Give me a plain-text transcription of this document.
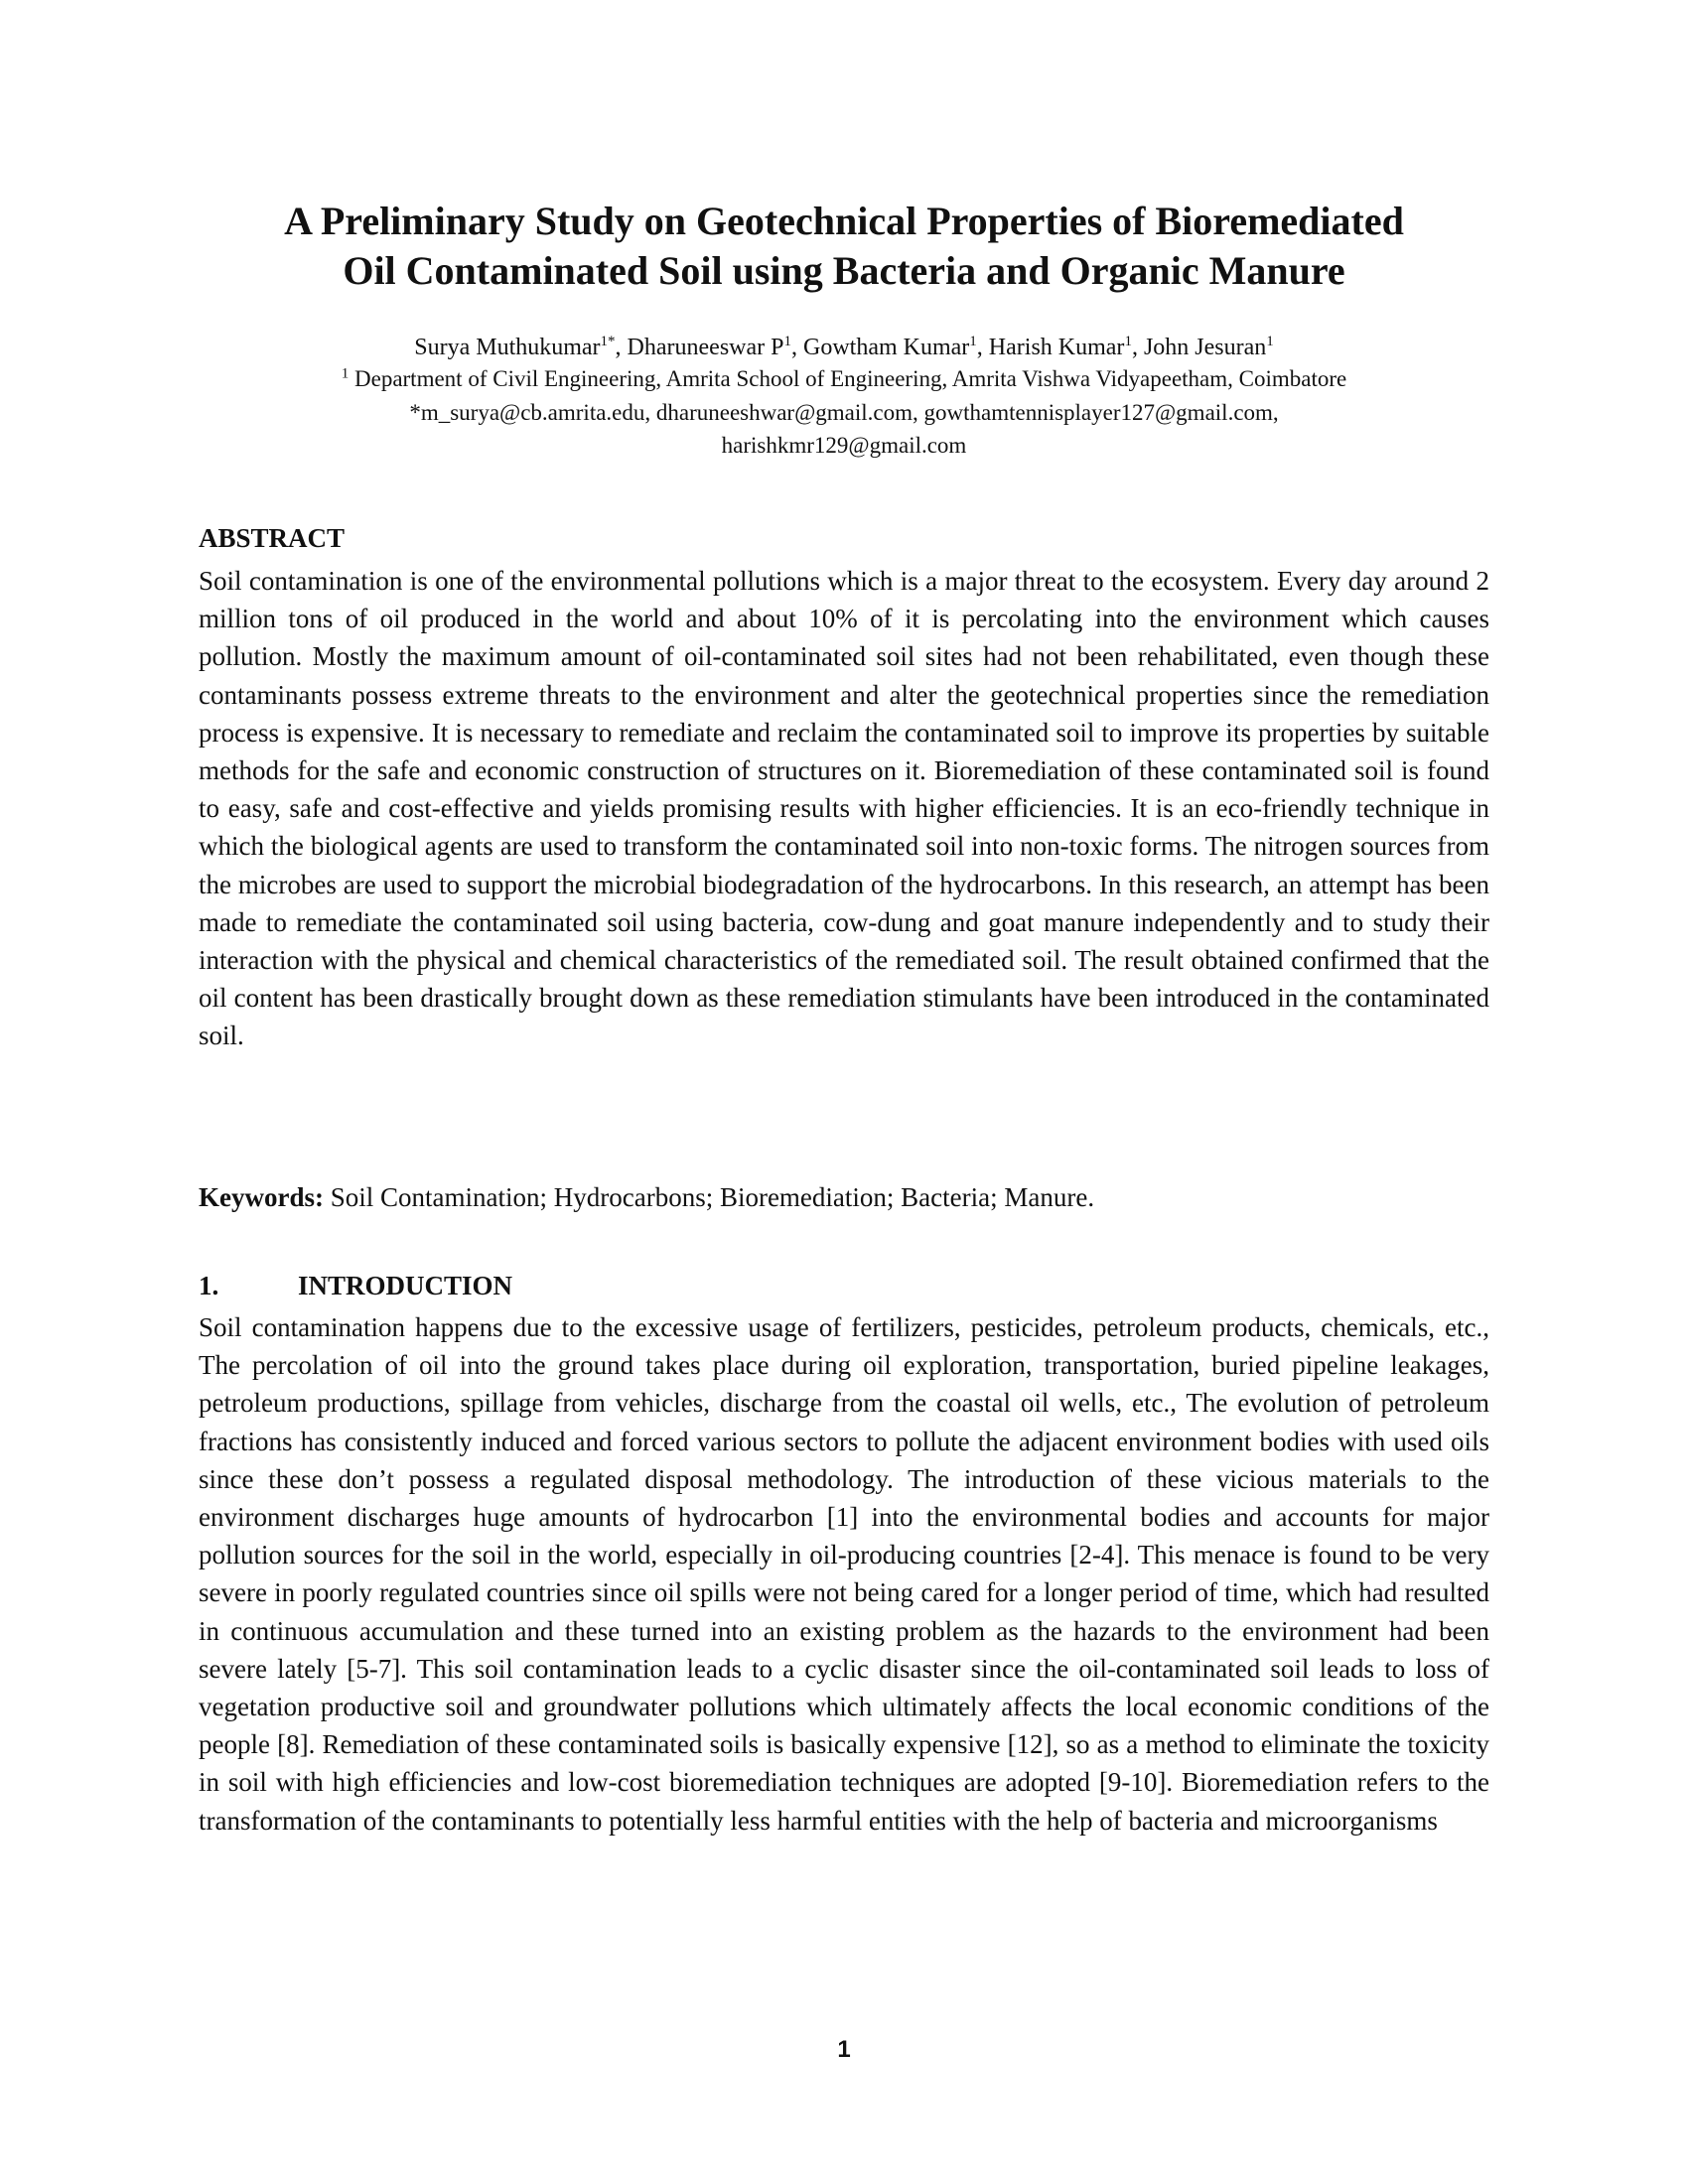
A Preliminary Study on Geotechnical Properties of Bioremediated
Oil Contaminated Soil using Bacteria and Organic Manure

Surya Muthukumar$^{1*}$, Dharuneeswar $P^1$, Gowtham Kumar$^1$, Harish Kumar$^1$, John Jesuran$^1$

$^1$ Department of Civil Engineering, Amrita School of Engineering, Amrita Vishwa Vidyapeetham, Coimbatore

*m_surya@cb.amrita.edu, dharuneeshwar@gmail.com, gowthamtennisplayer127@gmail.com,
harishkmr129@gmail.com

ABSTRACT

Soil contamination is one of the environmental pollutions which is a major threat to the ecosystem. Every day around 2 million tons of oil produced in the world and about 10% of it is percolating into the environment which causes pollution. Mostly the maximum amount of oil-contaminated soil sites had not been rehabilitated, even though these contaminants possess extreme threats to the environment and alter the geotechnical properties since the remediation process is expensive. It is necessary to remediate and reclaim the contaminated soil to improve its properties by suitable methods for the safe and economic construction of structures on it. Bioremediation of these contaminated soil is found to easy, safe and cost-effective and yields promising results with higher efficiencies. It is an eco-friendly technique in which the biological agents are used to transform the contaminated soil into non-toxic forms. The nitrogen sources from the microbes are used to support the microbial biodegradation of the hydrocarbons. In this research, an attempt has been made to remediate the contaminated soil using bacteria, cow-dung and goat manure independently and to study their interaction with the physical and chemical characteristics of the remediated soil. The result obtained confirmed that the oil content has been drastically brought down as these remediation stimulants have been introduced in the contaminated soil.

Keywords: Soil Contamination; Hydrocarbons; Bioremediation; Bacteria; Manure.

1.	INTRODUCTION

Soil contamination happens due to the excessive usage of fertilizers, pesticides, petroleum products, chemicals, etc., The percolation of oil into the ground takes place during oil exploration, transportation, buried pipeline leakages, petroleum productions, spillage from vehicles, discharge from the coastal oil wells, etc., The evolution of petroleum fractions has consistently induced and forced various sectors to pollute the adjacent environment bodies with used oils since these don’t possess a regulated disposal methodology. The introduction of these vicious materials to the environment discharges huge amounts of hydrocarbon [1] into the environmental bodies and accounts for major pollution sources for the soil in the world, especially in oil-producing countries [2-4]. This menace is found to be very severe in poorly regulated countries since oil spills were not being cared for a longer period of time, which had resulted in continuous accumulation and these turned into an existing problem as the hazards to the environment had been severe lately [5-7]. This soil contamination leads to a cyclic disaster since the oil-contaminated soil leads to loss of vegetation productive soil and groundwater pollutions which ultimately affects the local economic conditions of the people [8]. Remediation of these contaminated soils is basically expensive [12], so as a method to eliminate the toxicity in soil with high efficiencies and low-cost bioremediation techniques are adopted [9-10]. Bioremediation refers to the transformation of the contaminants to potentially less harmful entities with the help of bacteria and microorganisms

1
